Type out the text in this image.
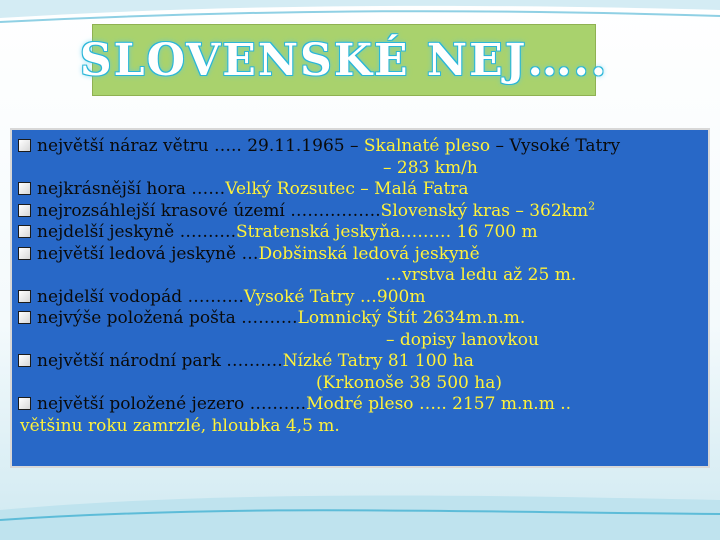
SLOVENSKÉ NEJ…..
největší náraz větru ….. 29.11.1965 – Skalnaté pleso – Vysoké Tatry
– 283 km/h
nejkrásnější hora ……Velký Rozsutec – Malá Fatra
nejrozsáhlejší krasové území …………….Slovenský kras – $362km^2$
nejdelší jeskyně ……….Stratenská jeskyňa……… 16 700 m
největší ledová jeskyně …Dobšinská ledová jeskyně
…vrstva ledu až 25 m.
nejdelší vodopád ……….Vysoké Tatry …900m
nejvýše položená pošta ……….Lomnický Štít 2634m.n.m.
– dopisy lanovkou
největší národní park ……….Nízké Tatry 81 100 ha
(Krkonoše 38 500 ha)
největší položené jezero ……….Modré pleso ….. 2157 m.n.m ..
většinu roku zamrzlé, hloubka 4,5 m.
